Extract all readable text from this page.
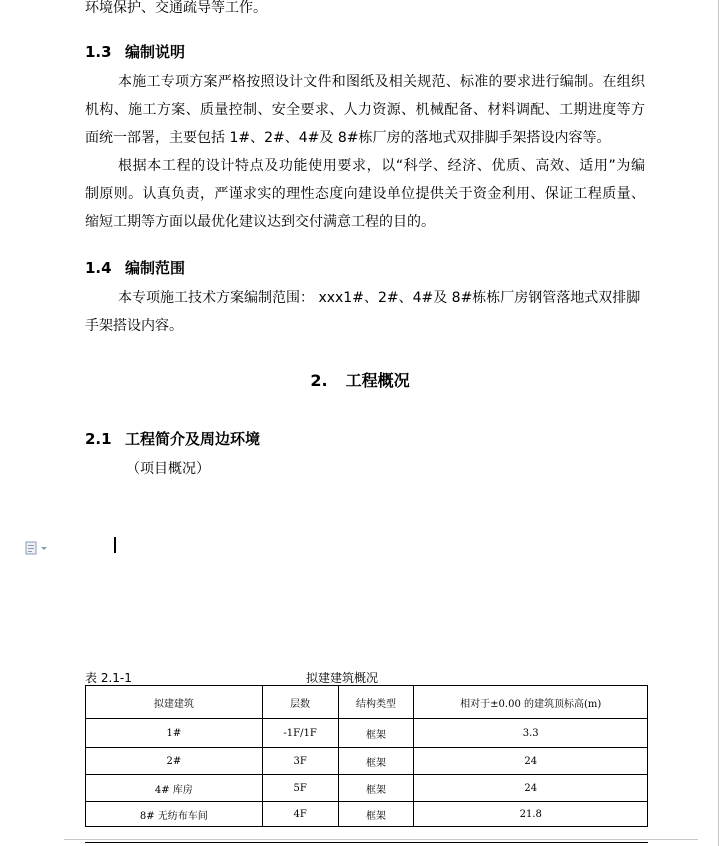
环境保护、交通疏导等工作。
1.3 编制说明
本施工专项方案严格按照设计文件和图纸及相关规范、标准的要求进行编制。在组织
机构、施工方案、质量控制、安全要求、人力资源、机械配备、材料调配、工期进度等方
面统一部署，主要包括 1#、2#、4#及 8#栋厂房的落地式双排脚手架搭设内容等。
根据本工程的设计特点及功能使用要求，以“科学、经济、优质、高效、适用”为编
制原则。认真负责，严谨求实的理性态度向建设单位提供关于资金利用、保证工程质量、
缩短工期等方面以最优化建议达到交付满意工程的目的。
1.4 编制范围
本专项施工技术方案编制范围： xxx1#、2#、4#及 8#栋栋厂房钢管落地式双排脚
手架搭设内容。
2. 工程概况
2.1 工程简介及周边环境
（项目概况）
表 2.1-1	拟建建筑概况
拟建建筑	层数	结构类型	相对于±0.00 的建筑顶标高(m)
1#	-1F/1F	框架	3.3
2#	3F	框架	24
4# 库房	5F	框架	24
8# 无纺布车间	4F	框架	21.8
